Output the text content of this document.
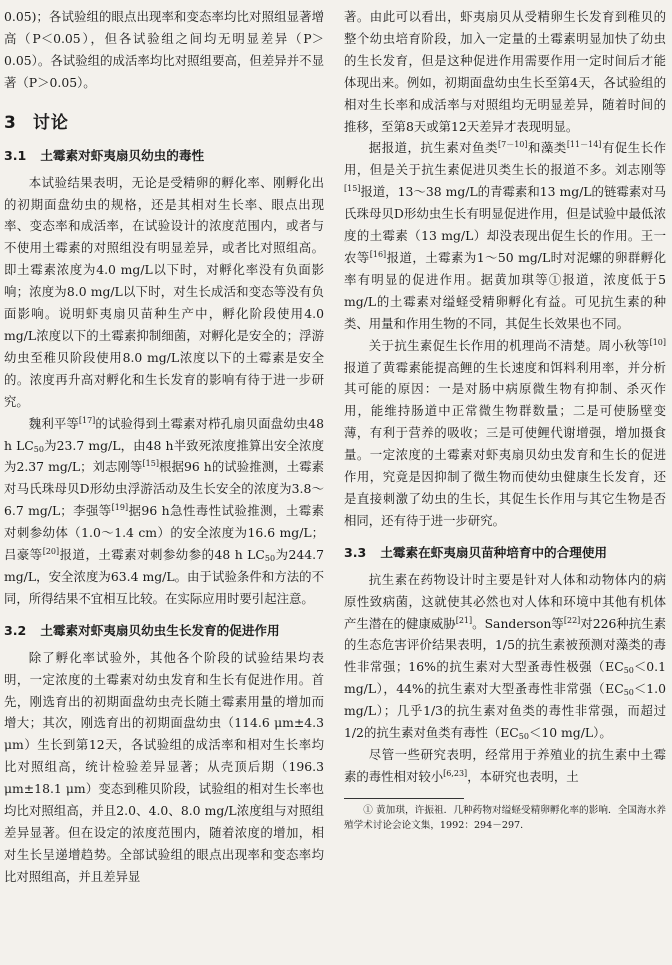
0.05)；各试验组的眼点出现率和变态率均比对照组显著增高（P＜0.05），但各试验组之间均无明显差异（P＞0.05）。各试验组的成活率均比对照组要高，但差异并不显著（P＞0.05）。

3 讨论
3.1 土霉素对虾夷扇贝幼虫的毒性

本试验结果表明，无论是受精卵的孵化率、刚孵化出的初期面盘幼虫的规格，还是其相对生长率、眼点出现率、变态率和成活率，在试验设计的浓度范围内，或者与不使用土霉素的对照组没有明显差异，或者比对照组高。即土霉素浓度为4.0 mg/L以下时，对孵化率没有负面影响；浓度为8.0 mg/L以下时，对生长成活和变态等没有负面影响。说明虾夷扇贝苗种生产中，孵化阶段使用4.0 mg/L浓度以下的土霉素抑制细菌，对孵化是安全的；浮游幼虫至稚贝阶段使用8.0 mg/L浓度以下的土霉素是安全的。浓度再升高对孵化和生长发育的影响有待于进一步研究。

魏利平等[17]的试验得到土霉素对栉孔扇贝面盘幼虫48 h $LC_{50}$为23.7 mg/L，由48 h半致死浓度推算出安全浓度为2.37 mg/L；刘志刚等[15]根据96 h的试验推测，土霉素对马氏珠母贝D形幼虫浮游活动及生长安全的浓度为3.8～6.7 mg/L；李强等[19]据96 h急性毒性试验推测，土霉素对刺参幼体（1.0～1.4 cm）的安全浓度为16.6 mg/L；吕豪等[20]报道，土霉素对刺参幼参的48 h $LC_{50}$为244.7 mg/L，安全浓度为63.4 mg/L。由于试验条件和方法的不同，所得结果不宜相互比较。在实际应用时要引起注意。

3.2 土霉素对虾夷扇贝幼虫生长发育的促进作用

除了孵化率试验外，其他各个阶段的试验结果均表明，一定浓度的土霉素对幼虫发育和生长有促进作用。首先，刚选育出的初期面盘幼虫壳长随土霉素用量的增加而增大；其次，刚选育出的初期面盘幼虫（114.6 μm±4.3 μm）生长到第12天，各试验组的成活率和相对生长率均比对照组高，统计检验差异显著；从壳顶后期（196.3 μm±18.1 μm）变态到稚贝阶段，试验组的相对生长率也均比对照组高，并且2.0、4.0、8.0 mg/L浓度组与对照组差异显著。但在设定的浓度范围内，随着浓度的增加，相对生长呈递增趋势。全部试验组的眼点出现率和变态率均比对照组高，并且差异显

著。由此可以看出，虾夷扇贝从受精卵生长发育到稚贝的整个幼虫培育阶段，加入一定量的土霉素明显加快了幼虫的生长发育，但是这种促进作用需要作用一定时间后才能体现出来。例如，初期面盘幼虫生长至第4天，各试验组的相对生长率和成活率与对照组均无明显差异，随着时间的推移，至第8天或第12天差异才表现明显。

据报道，抗生素对鱼类[7－10]和藻类[11－14]有促生长作用，但是关于抗生素促进贝类生长的报道不多。刘志刚等[15]报道，13～38 mg/L的青霉素和13 mg/L的链霉素对马氏珠母贝D形幼虫生长有明显促进作用，但是试验中最低浓度的土霉素（13 mg/L）却没表现出促生长的作用。王一农等[16]报道，土霉素为1～50 mg/L时对泥螺的卵群孵化率有明显的促进作用。据黄加琪等①报道，浓度低于5 mg/L的土霉素对缢蛏受精卵孵化有益。可见抗生素的种类、用量和作用生物的不同，其促生长效果也不同。

关于抗生素促生长作用的机理尚不清楚。周小秋等[10]报道了黄霉素能提高鲤的生长速度和饵料利用率，并分析其可能的原因：一是对肠中病原微生物有抑制、杀灭作用，能维持肠道中正常微生物群数量；二是可使肠壁变薄，有利于营养的吸收；三是可使鲤代谢增强，增加摄食量。一定浓度的土霉素对虾夷扇贝幼虫发育和生长的促进作用，究竟是因抑制了微生物而使幼虫健康生长发育，还是直接刺激了幼虫的生长，其促生长作用与其它生物是否相同，还有待于进一步研究。

3.3 土霉素在虾夷扇贝苗种培育中的合理使用

抗生素在药物设计时主要是针对人体和动物体内的病原性致病菌，这就使其必然也对人体和环境中其他有机体产生潜在的健康威胁[21]。Sanderson等[22]对226种抗生素的生态危害评价结果表明，1/5的抗生素被预测对藻类的毒性非常强；16%的抗生素对大型蚤毒性极强（$EC_{50}<0.1$ mg/L），44%的抗生素对大型蚤毒性非常强（$EC_{50}<1.0$ mg/L）；几乎1/3的抗生素对鱼类的毒性非常强，而超过1/2的抗生素对鱼类有毒性（$EC_{50}<10$ mg/L）。

尽管一些研究表明，经常用于养殖业的抗生素中土霉素的毒性相对较小[6,23]，本研究也表明，土

① 黄加琪，许振祖．几种药物对缢蛏受精卵孵化率的影响．全国海水养殖学术讨论会论文集，1992：294－297．
